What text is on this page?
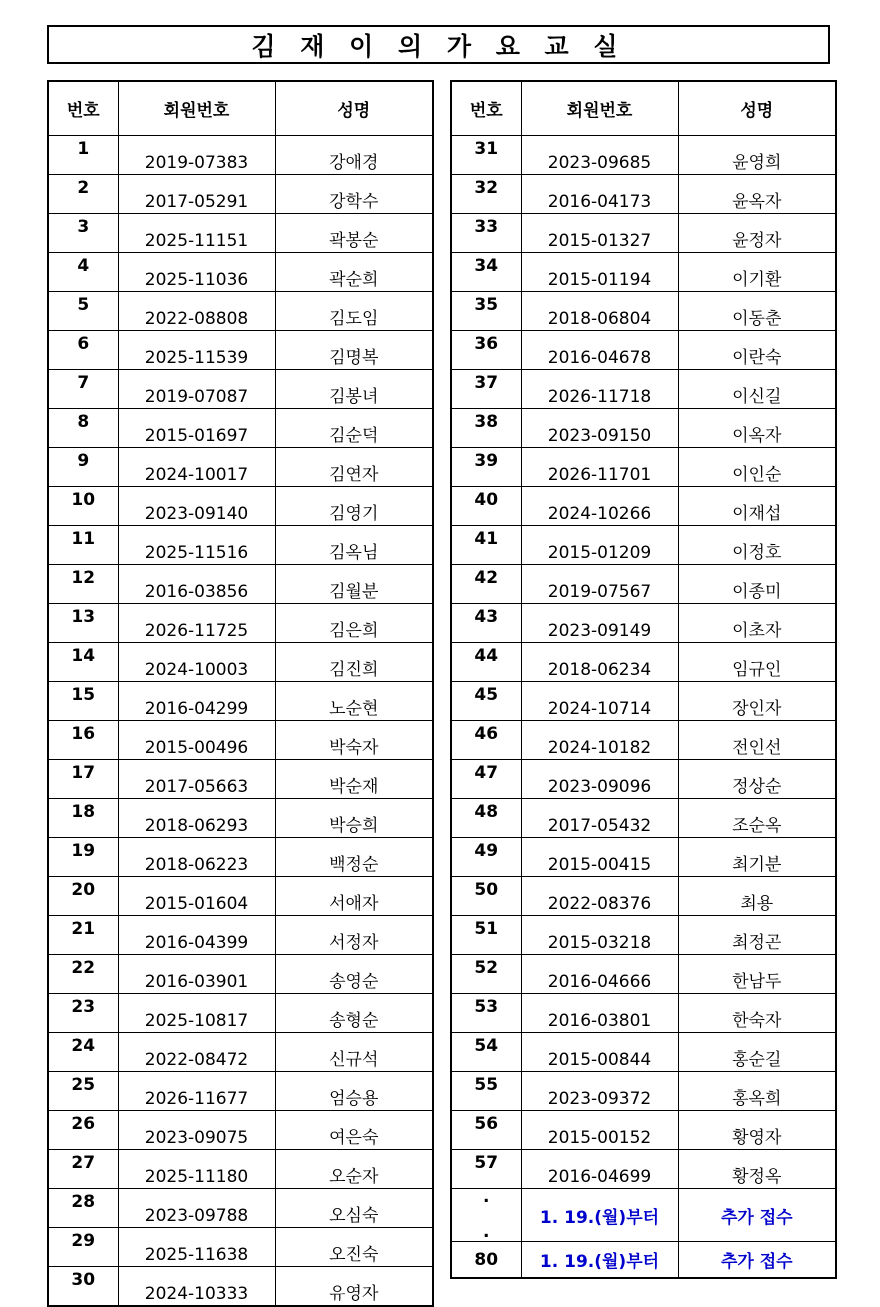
김 재 이 의 가 요 교 실
번호	회원번호	성명
1	2019-07383	강애경
2	2017-05291	강학수
3	2025-11151	곽봉순
4	2025-11036	곽순희
5	2022-08808	김도임
6	2025-11539	김명복
7	2019-07087	김봉녀
8	2015-01697	김순덕
9	2024-10017	김연자
10	2023-09140	김영기
11	2025-11516	김옥님
12	2016-03856	김월분
13	2026-11725	김은희
14	2024-10003	김진희
15	2016-04299	노순현
16	2015-00496	박숙자
17	2017-05663	박순재
18	2018-06293	박승희
19	2018-06223	백정순
20	2015-01604	서애자
21	2016-04399	서정자
22	2016-03901	송영순
23	2025-10817	송형순
24	2022-08472	신규석
25	2026-11677	엄승용
26	2023-09075	여은숙
27	2025-11180	오순자
28	2023-09788	오심숙
29	2025-11638	오진숙
30	2024-10333	유영자
번호	회원번호	성명
31	2023-09685	윤영희
32	2016-04173	윤옥자
33	2015-01327	윤정자
34	2015-01194	이기환
35	2018-06804	이동춘
36	2016-04678	이란숙
37	2026-11718	이신길
38	2023-09150	이옥자
39	2026-11701	이인순
40	2024-10266	이재섭
41	2015-01209	이정호
42	2019-07567	이종미
43	2023-09149	이초자
44	2018-06234	임규인
45	2024-10714	장인자
46	2024-10182	전인선
47	2023-09096	정상순
48	2017-05432	조순옥
49	2015-00415	최기분
50	2022-08376	최용
51	2015-03218	최정곤
52	2016-04666	한남두
53	2016-03801	한숙자
54	2015-00844	홍순길
55	2023-09372	홍옥희
56	2015-00152	황영자
57	2016-04699	황정옥

.
.	1. 19.(월)부터	추가 접수

80	1. 19.(월)부터	추가 접수
